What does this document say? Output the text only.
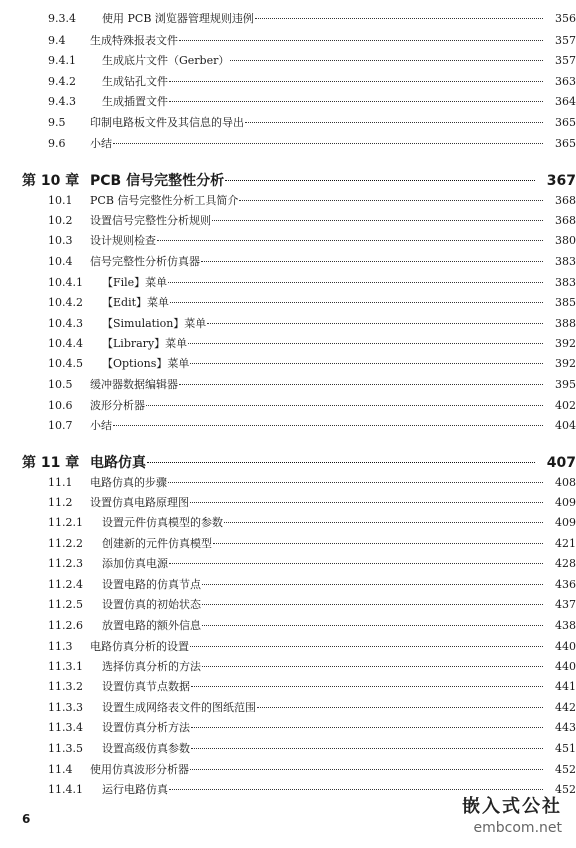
9.3.4	使用 PCB 浏览器管理规则违例	356
9.4	生成特殊报表文件	357
9.4.1	生成底片文件（Gerber）	357
9.4.2	生成钻孔文件	363
9.4.3	生成插置文件	364
9.5	印制电路板文件及其信息的导出	365
9.6	小结	365
第 10 章 PCB 信号完整性分析	367
10.1	PCB 信号完整性分析工具简介	368
10.2	设置信号完整性分析规则	368
10.3	设计规则检查	380
10.4	信号完整性分析仿真器	383
10.4.1	【File】菜单	383
10.4.2	【Edit】菜单	385
10.4.3	【Simulation】菜单	388
10.4.4	【Library】菜单	392
10.4.5	【Options】菜单	392
10.5	缓冲器数据编辑器	395
10.6	波形分析器	402
10.7	小结	404
第 11 章 电路仿真	407
11.1	电路仿真的步骤	408
11.2	设置仿真电路原理图	409
11.2.1	设置元件仿真模型的参数	409
11.2.2	创建新的元件仿真模型	421
11.2.3	添加仿真电源	428
11.2.4	设置电路的仿真节点	436
11.2.5	设置仿真的初始状态	437
11.2.6	放置电路的额外信息	438
11.3	电路仿真分析的设置	440
11.3.1	选择仿真分析的方法	440
11.3.2	设置仿真节点数据	441
11.3.3	设置生成网络表文件的图纸范围	442
11.3.4	设置仿真分析方法	443
11.3.5	设置高级仿真参数	451
11.4	使用仿真波形分析器	452
11.4.1	运行电路仿真	452
6
嵌入式公社
embcom.net
